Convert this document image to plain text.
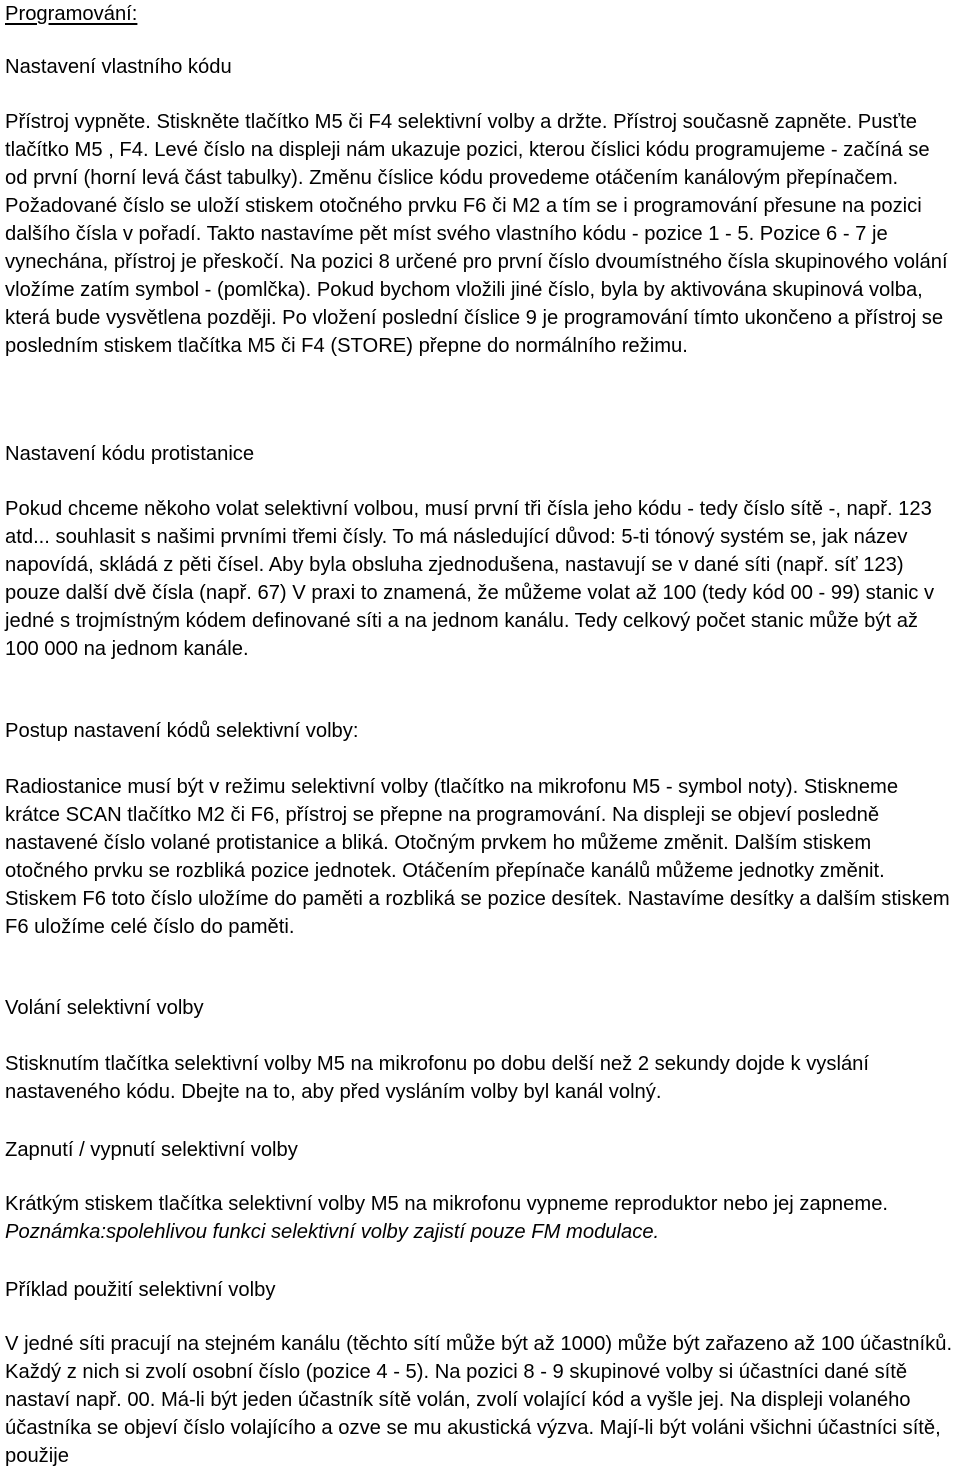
Programování:

Nastavení vlastního kódu

Přístroj vypněte. Stiskněte tlačítko M5 či F4 selektivní volby a držte. Přístroj současně zapněte. Pusťte tlačítko M5 , F4. Levé číslo na displeji nám ukazuje pozici, kterou číslici kódu programujeme - začíná se od první (horní levá část tabulky). Změnu číslice kódu provedeme otáčením kanálovým přepínačem. Požadované číslo se uloží stiskem otočného prvku F6 či M2 a tím se i programování přesune na pozici dalšího čísla v pořadí. Takto nastavíme pět míst svého vlastního kódu - pozice 1 - 5. Pozice 6 - 7 je vynechána, přístroj je přeskočí. Na pozici 8 určené pro první číslo dvoumístného čísla skupinového volání vložíme zatím symbol - (pomlčka). Pokud bychom vložili jiné číslo, byla by aktivována skupinová volba, která bude vysvětlena později. Po vložení poslední číslice 9 je programování tímto ukončeno a přístroj se posledním stiskem tlačítka M5 či F4 (STORE) přepne do normálního režimu.

Nastavení kódu protistanice

Pokud chceme někoho volat selektivní volbou, musí první tři čísla jeho kódu - tedy číslo sítě -, např. 123 atd... souhlasit s našimi prvními třemi čísly. To má následující důvod: 5-ti tónový systém se, jak název napovídá, skládá z pěti čísel. Aby byla obsluha zjednodušena, nastavují se v dané síti (např. síť 123) pouze další dvě čísla (např. 67) V praxi to znamená, že můžeme volat až 100 (tedy kód 00 - 99) stanic v jedné s trojmístným kódem definované síti a na jednom kanálu. Tedy celkový počet stanic může být až 100 000 na jednom kanále.

Postup nastavení kódů selektivní volby:

Radiostanice musí být v režimu selektivní volby (tlačítko na mikrofonu M5 - symbol noty). Stiskneme krátce SCAN tlačítko M2 či F6, přístroj se přepne na programování. Na displeji se objeví posledně nastavené číslo volané protistanice a bliká. Otočným prvkem ho můžeme změnit. Dalším stiskem otočného prvku se rozbliká pozice jednotek. Otáčením přepínače kanálů můžeme jednotky změnit. Stiskem F6 toto číslo uložíme do paměti a rozbliká se pozice desítek. Nastavíme desítky a dalším stiskem F6 uložíme celé číslo do paměti.

Volání selektivní volby

Stisknutím tlačítka selektivní volby M5 na mikrofonu po dobu delší než 2 sekundy dojde k vyslání nastaveného kódu. Dbejte na to, aby před vysláním volby byl kanál volný.

Zapnutí / vypnutí selektivní volby

Krátkým stiskem tlačítka selektivní volby M5 na mikrofonu vypneme reproduktor nebo jej zapneme. Poznámka:spolehlivou funkci selektivní volby zajistí pouze FM modulace.

Příklad použití selektivní volby

V jedné síti pracují na stejném kanálu (těchto sítí může být až 1000) může být zařazeno až 100 účastníků. Každý z nich si zvolí osobní číslo (pozice 4 - 5). Na pozici 8 - 9 skupinové volby si účastníci dané sítě nastaví např. 00. Má-li být jeden účastník sítě volán, zvolí volající kód a vyšle jej. Na displeji volaného účastníka se objeví číslo volajícího a ozve se mu akustická výzva. Mají-li být voláni všichni účastníci sítě, použije
